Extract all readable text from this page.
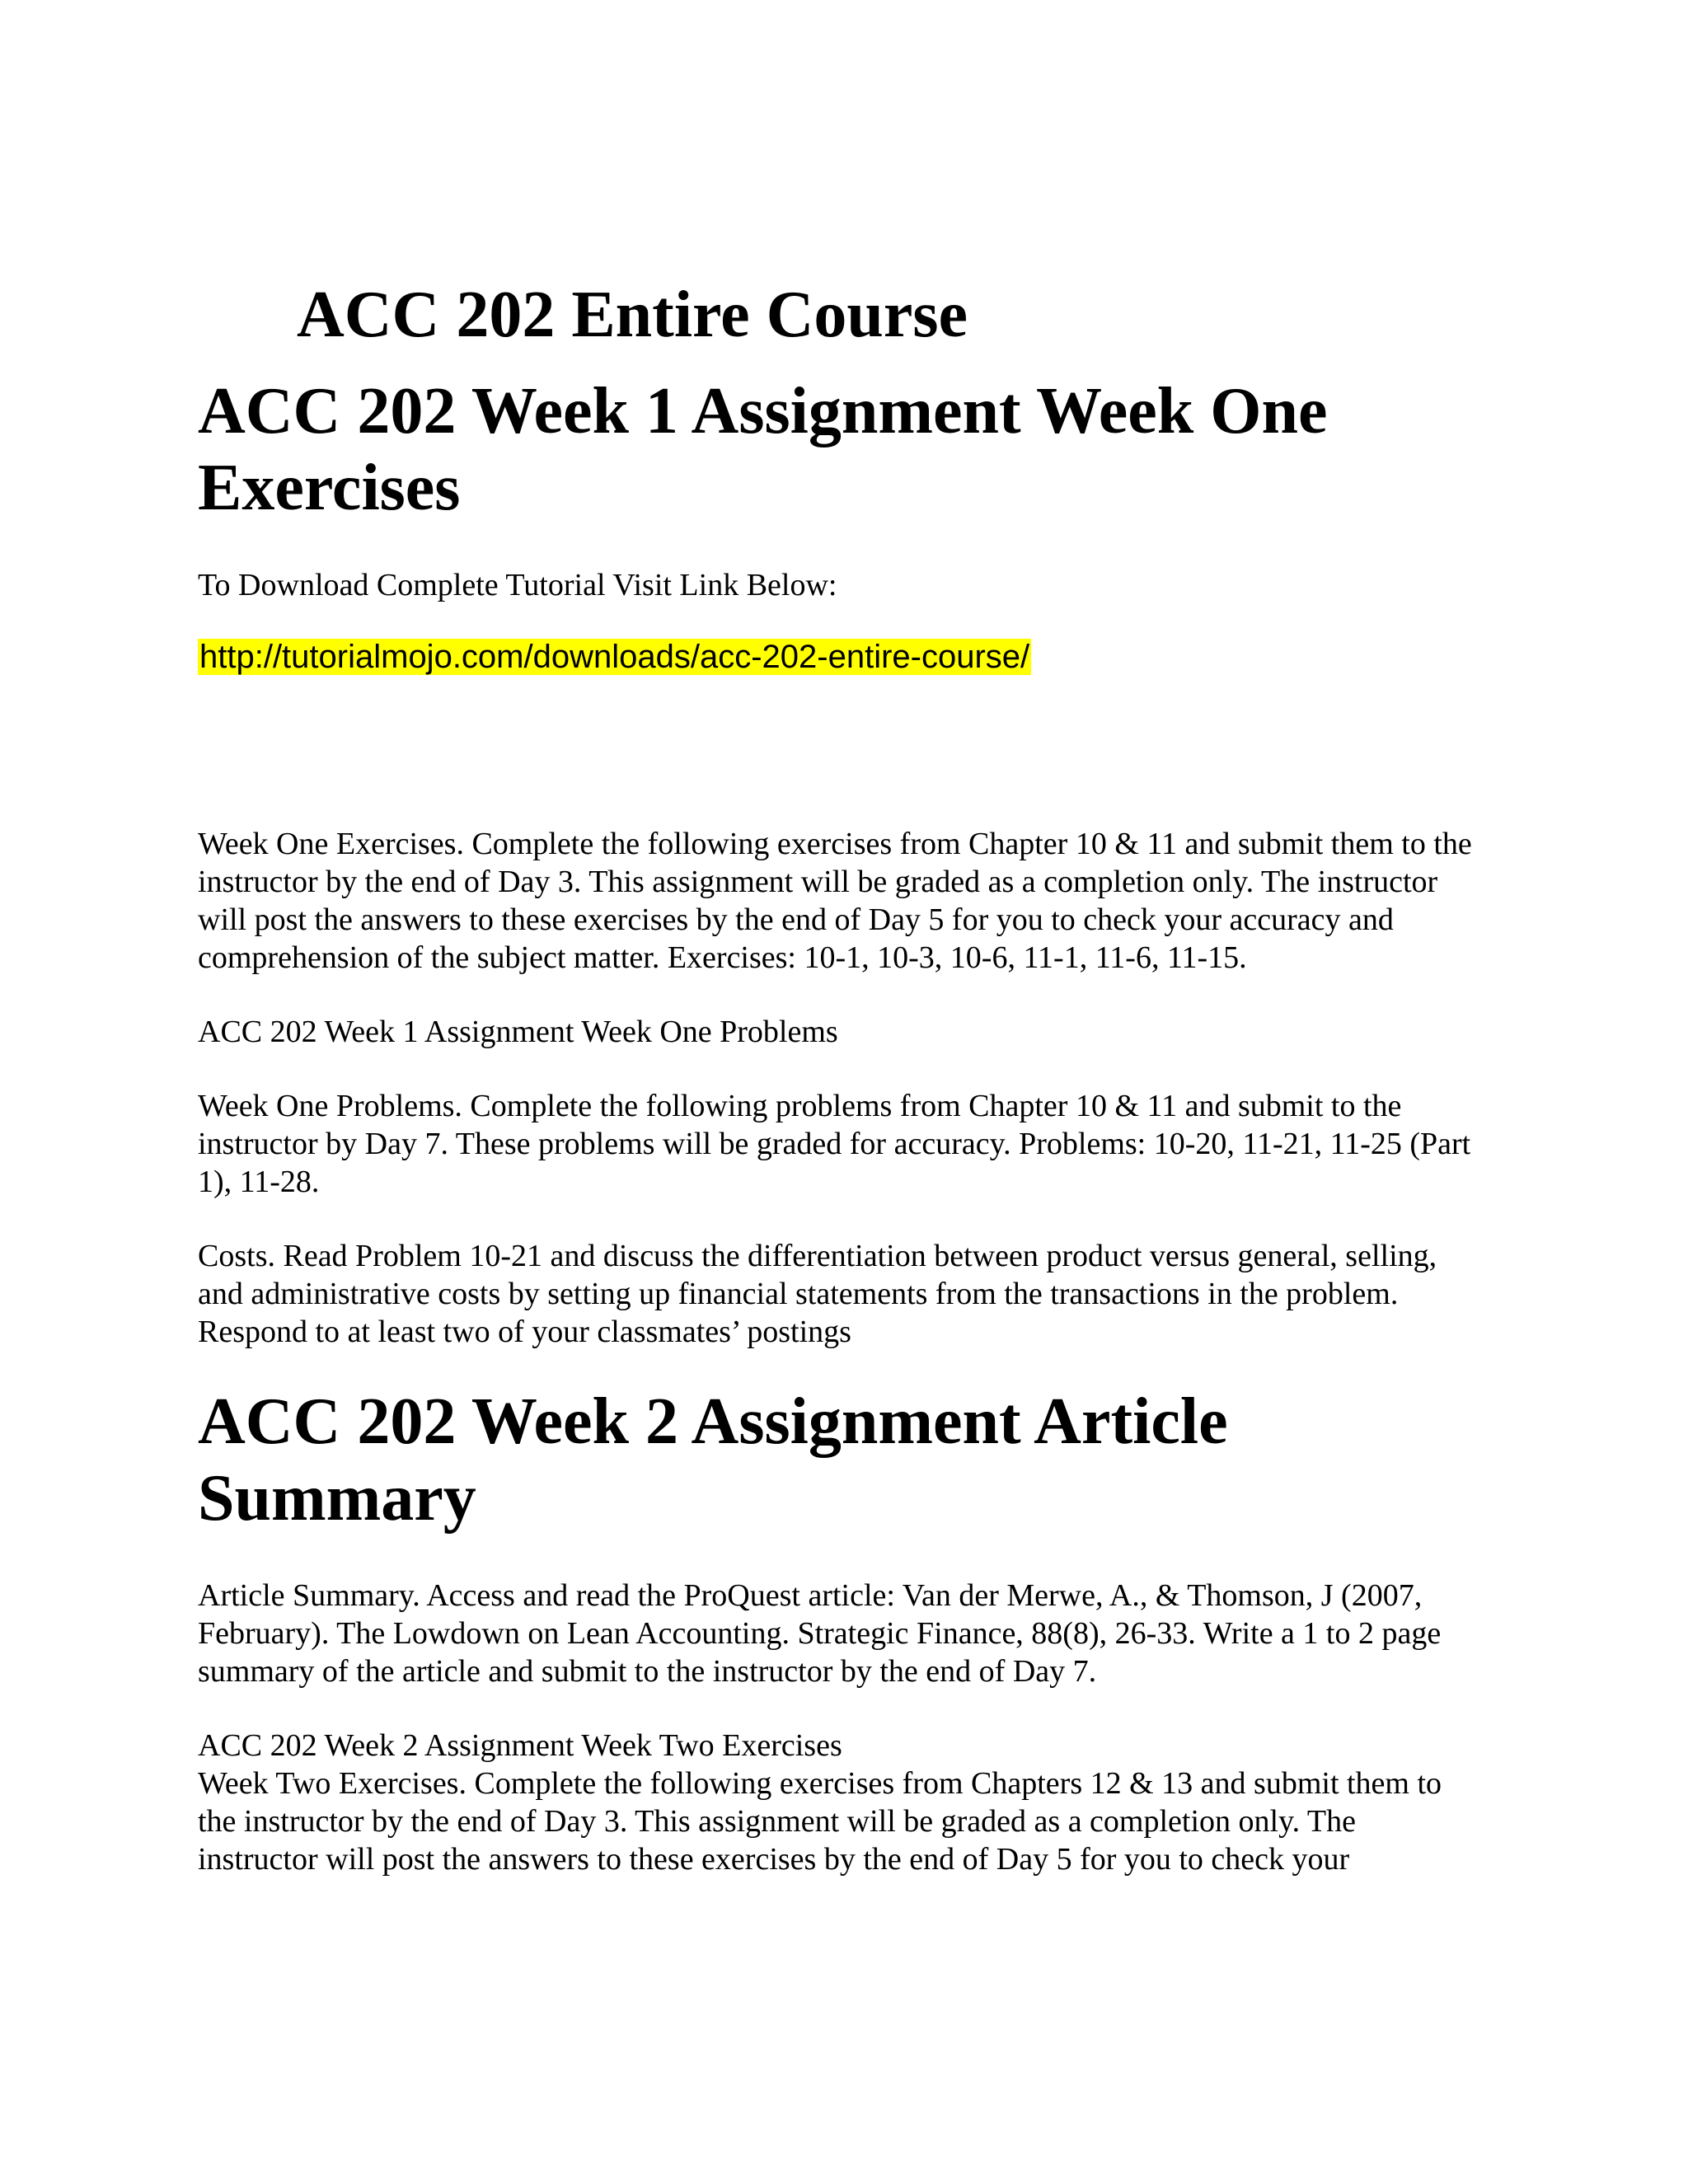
ACC 202 Entire Course
ACC 202 Week 1 Assignment Week One Exercises

To Download Complete Tutorial Visit Link Below:

http://tutorialmojo.com/downloads/acc-202-entire-course/

Week One Exercises. Complete the following exercises from Chapter 10 & 11 and submit them to the instructor by the end of Day 3. This assignment will be graded as a completion only. The instructor will post the answers to these exercises by the end of Day 5 for you to check your accuracy and comprehension of the subject matter. Exercises: 10-1, 10-3, 10-6, 11-1, 11-6, 11-15.

ACC 202 Week 1 Assignment Week One Problems

Week One Problems. Complete the following problems from Chapter 10 & 11 and submit to the instructor by Day 7. These problems will be graded for accuracy. Problems: 10-20, 11-21, 11-25 (Part 1), 11-28.

Costs. Read Problem 10-21 and discuss the differentiation between product versus general, selling, and administrative costs by setting up financial statements from the transactions in the problem. Respond to at least two of your classmates’ postings

ACC 202 Week 2 Assignment Article Summary

Article Summary. Access and read the ProQuest article: Van der Merwe, A., & Thomson, J (2007, February). The Lowdown on Lean Accounting. Strategic Finance, 88(8), 26-33. Write a 1 to 2 page summary of the article and submit to the instructor by the end of Day 7.

ACC 202 Week 2 Assignment Week Two Exercises

Week Two Exercises. Complete the following exercises from Chapters 12 & 13 and submit them to the instructor by the end of Day 3. This assignment will be graded as a completion only. The instructor will post the answers to these exercises by the end of Day 5 for you to check your
